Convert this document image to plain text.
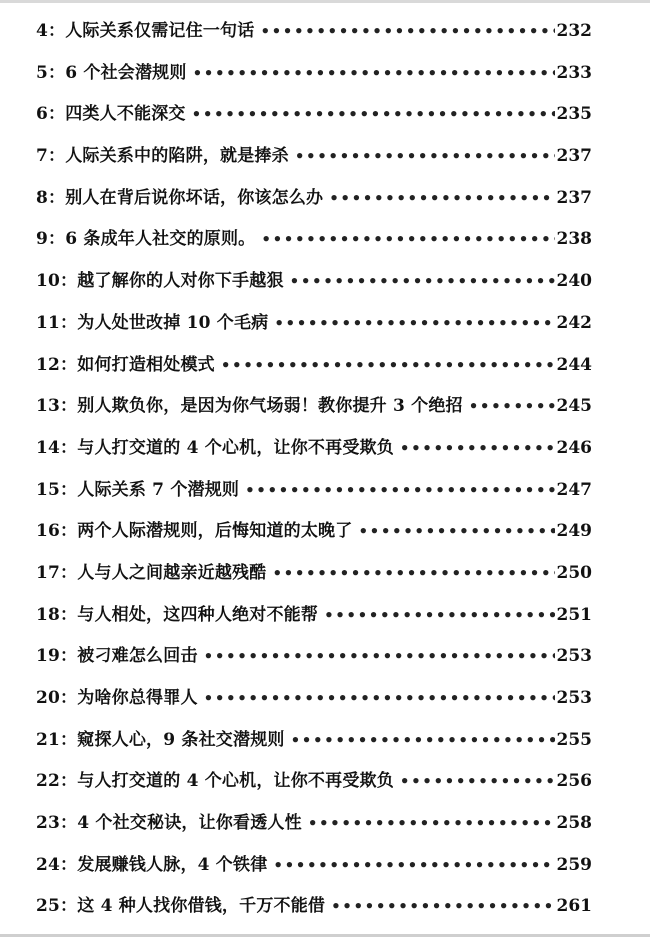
4：人际关系仅需记住一句话 •••••	232
5：6 个社会潜规则 •••••	233
6：四类人不能深交 •••••	235
7：人际关系中的陷阱，就是捧杀 •••••	237
8：别人在背后说你坏话，你该怎么办 •••••	237
9：6 条成年人社交的原则。 •••••	238
10：越了解你的人对你下手越狠 •••••	240
11：为人处世改掉 10 个毛病 •••••	242
12：如何打造相处模式 •••••	244
13：别人欺负你，是因为你气场弱！教你提升 3 个绝招 •••••	245
14：与人打交道的 4 个心机，让你不再受欺负 •••••	246
15：人际关系 7 个潜规则 •••••	247
16：两个人际潜规则，后悔知道的太晚了 •••••	249
17：人与人之间越亲近越残酷 •••••	250
18：与人相处，这四种人绝对不能帮 •••••	251
19：被刁难怎么回击 •••••	253
20：为啥你总得罪人 •••••	253
21：窥探人心，9 条社交潜规则 •••••	255
22：与人打交道的 4 个心机，让你不再受欺负 •••••	256
23：4 个社交秘诀，让你看透人性 •••••	258
24：发展赚钱人脉，4 个铁律 •••••	259
25：这 4 种人找你借钱，千万不能借 •••••	261
